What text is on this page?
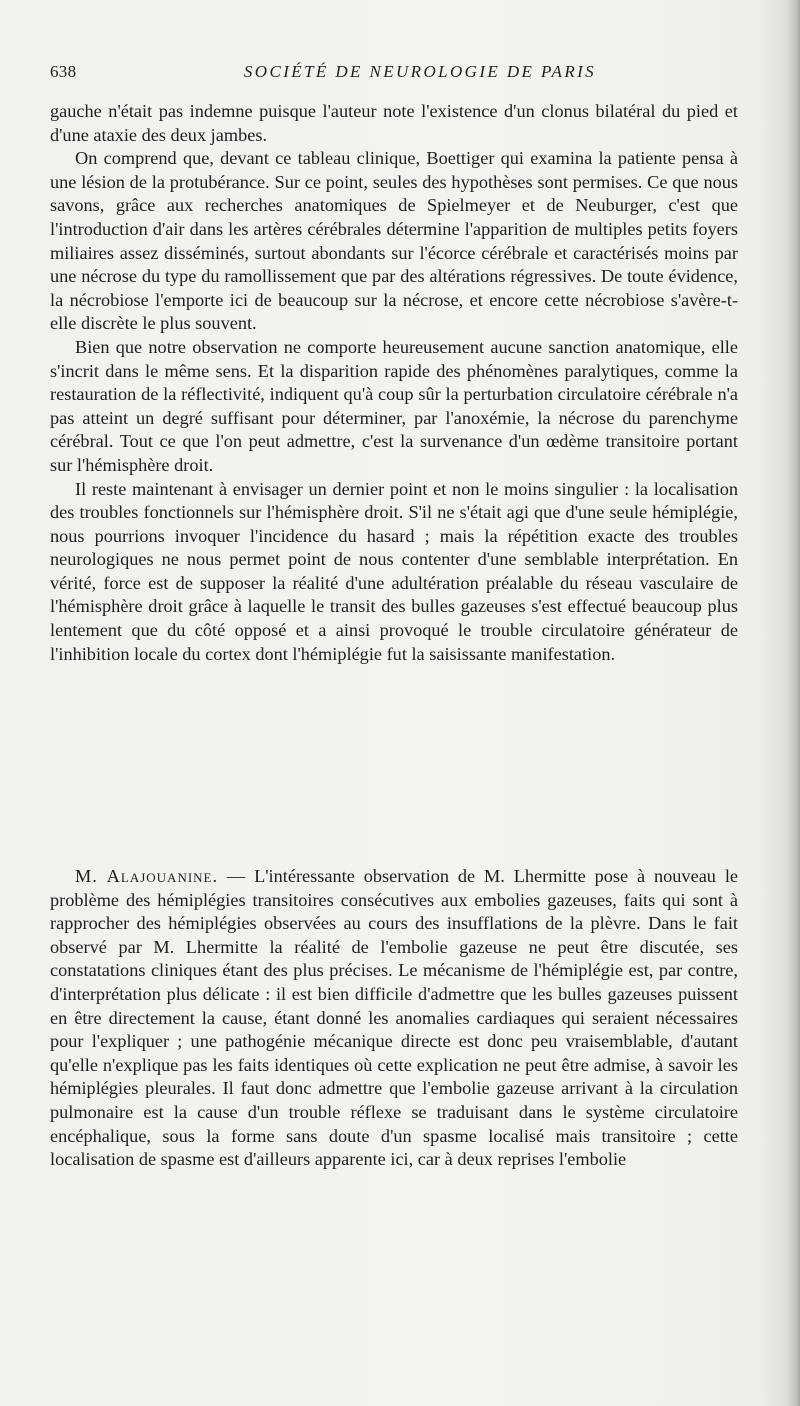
638	SOCIÉTÉ DE NEUROLOGIE DE PARIS

gauche n'était pas indemne puisque l'auteur note l'existence d'un clonus bilatéral du pied et d'une ataxie des deux jambes.

On comprend que, devant ce tableau clinique, Boettiger qui examina la patiente pensa à une lésion de la protubérance. Sur ce point, seules des hypothèses sont permises. Ce que nous savons, grâce aux recherches anatomiques de Spielmeyer et de Neuburger, c'est que l'introduction d'air dans les artères cérébrales détermine l'apparition de multiples petits foyers miliaires assez disséminés, surtout abondants sur l'écorce cérébrale et caractérisés moins par une nécrose du type du ramollissement que par des altérations régressives. De toute évidence, la nécrobiose l'emporte ici de beaucoup sur la nécrose, et encore cette nécrobiose s'avère-t-elle discrète le plus souvent.

Bien que notre observation ne comporte heureusement aucune sanction anatomique, elle s'incrit dans le même sens. Et la disparition rapide des phénomènes paralytiques, comme la restauration de la réflectivité, indiquent qu'à coup sûr la perturbation circulatoire cérébrale n'a pas atteint un degré suffisant pour déterminer, par l'anoxémie, la nécrose du parenchyme cérébral. Tout ce que l'on peut admettre, c'est la survenance d'un œdème transitoire portant sur l'hémisphère droit.

Il reste maintenant à envisager un dernier point et non le moins singulier : la localisation des troubles fonctionnels sur l'hémisphère droit. S'il ne s'était agi que d'une seule hémiplégie, nous pourrions invoquer l'incidence du hasard ; mais la répétition exacte des troubles neurologiques ne nous permet point de nous contenter d'une semblable interprétation. En vérité, force est de supposer la réalité d'une adultération préalable du réseau vasculaire de l'hémisphère droit grâce à laquelle le transit des bulles gazeuses s'est effectué beaucoup plus lentement que du côté opposé et a ainsi provoqué le trouble circulatoire générateur de l'inhibition locale du cortex dont l'hémiplégie fut la saisissante manifestation.

M. Alajouanine. — L'intéressante observation de M. Lhermitte pose à nouveau le problème des hémiplégies transitoires consécutives aux embolies gazeuses, faits qui sont à rapprocher des hémiplégies observées au cours des insufflations de la plèvre. Dans le fait observé par M. Lhermitte la réalité de l'embolie gazeuse ne peut être discutée, ses constatations cliniques étant des plus précises. Le mécanisme de l'hémiplégie est, par contre, d'interprétation plus délicate : il est bien difficile d'admettre que les bulles gazeuses puissent en être directement la cause, étant donné les anomalies cardiaques qui seraient nécessaires pour l'expliquer ; une pathogénie mécanique directe est donc peu vraisemblable, d'autant qu'elle n'explique pas les faits identiques où cette explication ne peut être admise, à savoir les hémiplégies pleurales. Il faut donc admettre que l'embolie gazeuse arrivant à la circulation pulmonaire est la cause d'un trouble réflexe se traduisant dans le système circulatoire encéphalique, sous la forme sans doute d'un spasme localisé mais transitoire ; cette localisation de spasme est d'ailleurs apparente ici, car à deux reprises l'embolie
